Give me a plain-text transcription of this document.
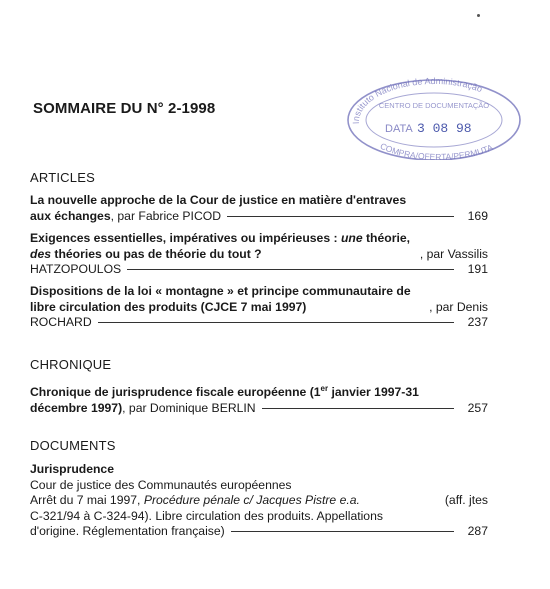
SOMMAIRE DU N° 2-1998
Instituto Nacional de Administração
CENTRO DE DOCUMENTAÇÃO
DATA 3 08 98
COMPRA/OFERTA/PERMUTA
ARTICLES
La nouvelle approche de la Cour de justice en matière d'entraves
aux échanges , par Fabrice PICOD	169
Exigences essentielles, impératives ou impérieuses : une théorie,
des théories ou pas de théorie du tout ?	, par Vassilis
HATZOPOULOS	191
Dispositions de la loi « montagne » et principe communautaire de
libre circulation des produits (CJCE 7 mai 1997)	, par Denis
ROCHARD	237
CHRONIQUE
Chronique de jurisprudence fiscale européenne (1er janvier 1997-31
décembre 1997) , par Dominique BERLIN	257
DOCUMENTS
Jurisprudence
Cour de justice des Communautés européennes
Arrêt du 7 mai 1997, Procédure pénale c/ Jacques Pistre e.a.	(aff. jtes
C-321/94 à C-324-94). Libre circulation des produits. Appellations
d'origine. Réglementation française)	287
